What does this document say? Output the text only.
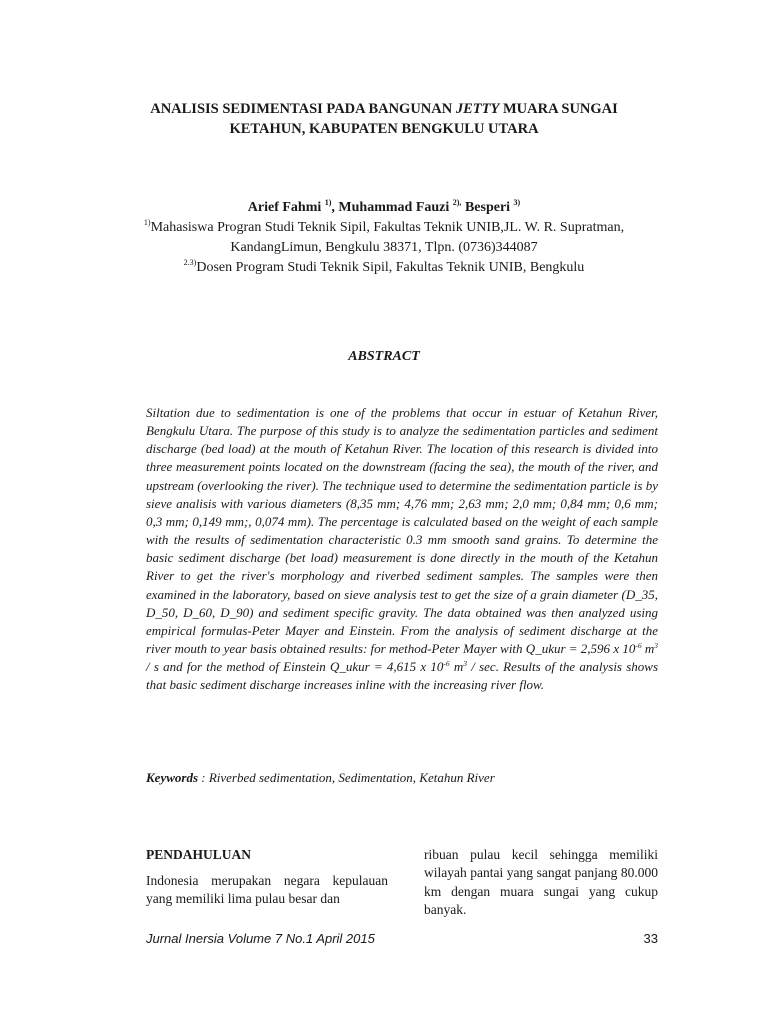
ANALISIS SEDIMENTASI PADA BANGUNAN JETTY MUARA SUNGAI
KETAHUN, KABUPATEN BENGKULU UTARA
Arief Fahmi $^{1)}$, Muhammad Fauzi $^{2),}$ Besperi $^{3)}$
$^{1)}$Mahasiswa Progran Studi Teknik Sipil, Fakultas Teknik UNIB,JL. W. R. Supratman,
KandangLimun, Bengkulu 38371, Tlpn. (0736)344087
$^{2.3)}$Dosen Program Studi Teknik Sipil, Fakultas Teknik UNIB, Bengkulu
ABSTRACT

Siltation due to sedimentation is one of the problems that occur in estuar of Ketahun River, Bengkulu Utara. The purpose of this study is to analyze the sedimentation particles and sediment discharge (bed load) at the mouth of Ketahun River. The location of this research is divided into three measurement points located on the downstream (facing the sea), the mouth of the river, and upstream (overlooking the river). The technique used to determine the sedimentation particle is by sieve analisis with various diameters (8,35 mm; 4,76 mm; 2,63 mm; 2,0 mm; 0,84 mm; 0,6 mm; 0,3 mm; 0,149 mm;, 0,074 mm). The percentage is calculated based on the weight of each sample with the results of sedimentation characteristic 0.3 mm smooth sand grains. To determine the basic sediment discharge (bet load) measurement is done directly in the mouth of the Ketahun River to get the river's morphology and riverbed sediment samples. The samples were then examined in the laboratory, based on sieve analysis test to get the size of a grain diameter (D_35, D_50, D_60, D_90) and sediment specific gravity. The data obtained was then analyzed using empirical formulas-Peter Mayer and Einstein. From the analysis of sediment discharge at the river mouth to year basis obtained results: for method-Peter Mayer with Q_ukur = 2,596 x $10^{-6}$ $m^3$ / s and for the method of Einstein Q_ukur = 4,615 x $10^{-6}$ $m^3$ / sec. Results of the analysis shows that basic sediment discharge increases inline with the increasing river flow.

Keywords : Riverbed sedimentation, Sedimentation, Ketahun River
PENDAHULUAN

Indonesia merupakan negara kepulauan yang memiliki lima pulau besar dan

ribuan pulau kecil sehingga memiliki wilayah pantai yang sangat panjang 80.000 km dengan muara sungai yang cukup banyak.

Jurnal Inersia Volume 7 No.1 April 2015	33
